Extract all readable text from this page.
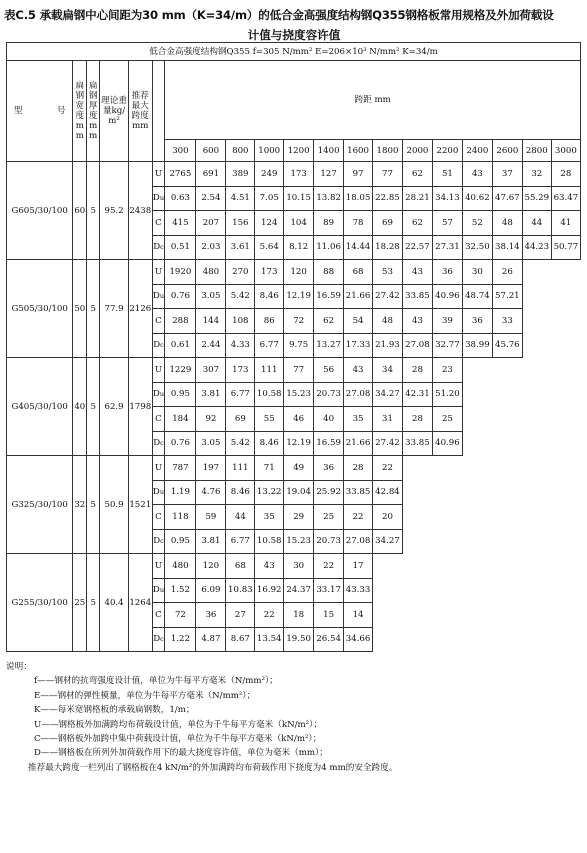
表C.5 承载扁钢中心间距为30 mm（K=34/m）的低合金高强度结构钢Q355钢格板常用规格及外加荷载设
计值与挠度容许值
低合金高强度结构钢Q355 f=305 N/mm² E=206×10³ N/mm² K=34/m																			
型　　　　号	扁钢宽度mm	扁钢厚度mm	理论重量kg/m²	推荐最大跨度mm		跨距 mm													
						300	600	800	1000	1200	1400	1600	1800	2000	2200	2400	2600	2800	3000
G605/30/100	60	5	95.2	2438	U	2765	691	389	249	173	127	97	77	62	51	43	37	32	28
					Du	0.63	2.54	4.51	7.05	10.15	13.82	18.05	22.85	28.21	34.13	40.62	47.67	55.29	63.47
					C	415	207	156	124	104	89	78	69	62	57	52	48	44	41
					Dc	0.51	2.03	3.61	5.64	8.12	11.06	14.44	18.28	22.57	27.31	32.50	38.14	44.23	50.77
G505/30/100	50	5	77.9	2126	U	1920	480	270	173	120	88	68	53	43	36	30	26		
					Du	0.76	3.05	5.42	8.46	12.19	16.59	21.66	27.42	33.85	40.96	48.74	57.21		
					C	288	144	108	86	72	62	54	48	43	39	36	33		
					Dc	0.61	2.44	4.33	6.77	9.75	13.27	17.33	21.93	27.08	32.77	38.99	45.76		
G405/30/100	40	5	62.9	1798	U	1229	307	173	111	77	56	43	34	28	23				
					Du	0.95	3.81	6.77	10.58	15.23	20.73	27.08	34.27	42.31	51.20				
					C	184	92	69	55	46	40	35	31	28	25				
					Dc	0.76	3.05	5.42	8.46	12.19	16.59	21.66	27.42	33.85	40.96				
G325/30/100	32	5	50.9	1521	U	787	197	111	71	49	36	28	22						
					Du	1.19	4.76	8.46	13.22	19.04	25.92	33.85	42.84						
					C	118	59	44	35	29	25	22	20						
					Dc	0.95	3.81	6.77	10.58	15.23	20.73	27.08	34.27						
G255/30/100	25	5	40.4	1264	U	480	120	68	43	30	22	17							
					Du	1.52	6.09	10.83	16.92	24.37	33.17	43.33							
					C	72	36	27	22	18	15	14							
					Dc	1.22	4.87	8.67	13.54	19.50	26.54	34.66							
说明：
f——钢材的抗弯强度设计值，单位为牛每平方毫米（N/mm²）；
E——钢材的弹性模量，单位为牛每平方毫米（N/mm²）；
K——每米宽钢格板的承载扁钢数，1/m；
U——钢格板外加满跨均布荷载设计值，单位为千牛每平方毫米（kN/m²）；
C——钢格板外加跨中集中荷载设计值，单位为千牛每平方毫米（kN/m²）；
D——钢格板在所列外加荷载作用下的最大挠度容许值，单位为毫米（mm）；
推荐最大跨度一栏列出了钢格板在4 kN/m²的外加满跨均布荷载作用下挠度为4 mm的安全跨度。
